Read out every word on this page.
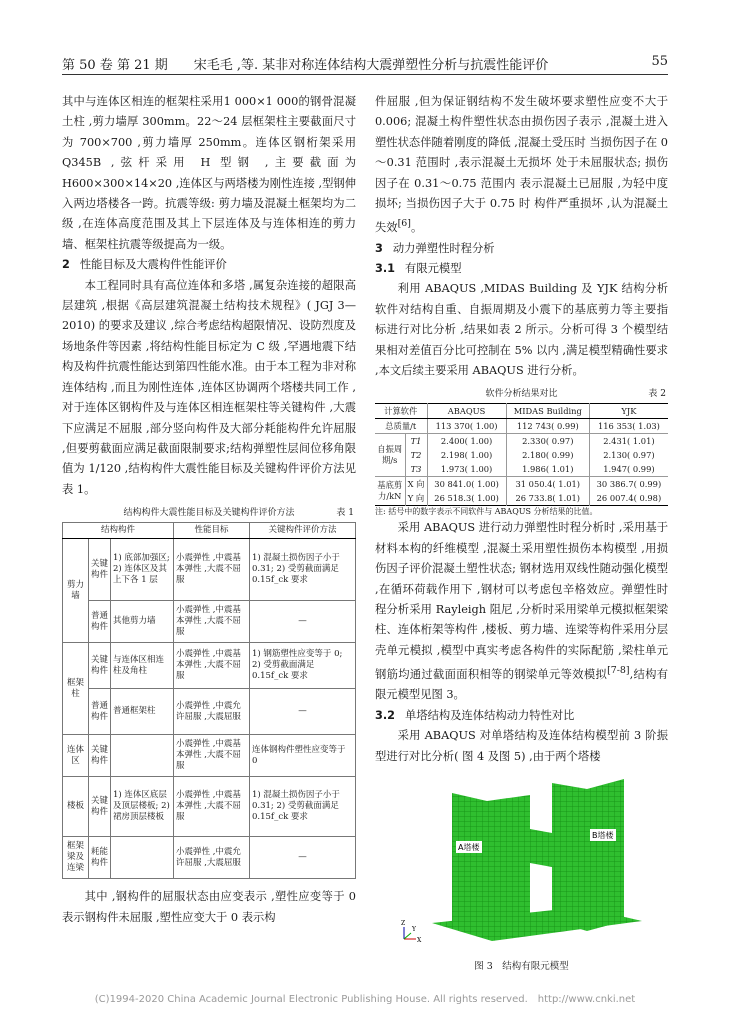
第 50 卷 第 21 期　　宋毛毛 ,等. 某非对称连体结构大震弹塑性分析与抗震性能评价	55

其中与连体区相连的框架柱采用1 000×1 000的钢骨混凝土柱 ,剪力墙厚 300mm。22～24 层框架柱主要截面尺寸为 700×700 ,剪力墙厚 250mm。连体区钢桁架采用 Q345B ,弦杆采用 H 型钢 ,主要截面为 H600×300×14×20 ,连体区与两塔楼为刚性连接 ,型钢伸入两边塔楼各一跨。抗震等级: 剪力墙及混凝土框架均为二级 ,在连体高度范围及其上下层连体及与连体相连的剪力墙、框架柱抗震等级提高为一级。

2 性能目标及大震构件性能评价

本工程同时具有高位连体和多塔 ,属复杂连接的超限高层建筑 ,根据《高层建筑混凝土结构技术规程》( JGJ 3—2010) 的要求及建议 ,综合考虑结构超限情况、设防烈度及场地条件等因素 ,将结构性能目标定为 C 级 ,罕遇地震下结构及构件抗震性能达到第四性能水准。由于本工程为非对称连体结构 ,而且为刚性连体 ,连体区协调两个塔楼共同工作 ,对于连体区钢构件及与连体区相连框架柱等关键构件 ,大震下应满足不屈服 ,部分竖向构件及大部分耗能构件允许屈服 ,但要剪截面应满足截面限制要求;结构弹塑性层间位移角限值为 1/120 ,结构构件大震性能目标及关键构件评价方法见表 1。

结构构件大震性能目标及关键构件评价方法	表 1
结构构件			性能目标	关键构件评价方法
剪力墙	关键构件	1) 底部加强区; 2) 连体区及其上下各 1 层	小震弹性 ,中震基本弹性 ,大震不屈服	1) 混凝土损伤因子小于 0.31; 2) 受剪截面满足 0.15f_ck 要求
	普通构件	其他剪力墙	小震弹性 ,中震基本弹性 ,大震不屈服	—
框架柱	关键构件	与连体区相连柱及角柱	小震弹性 ,中震基本弹性 ,大震不屈服	1) 钢筋塑性应变等于 0; 2) 受剪截面满足 0.15f_ck 要求
	普通构件	普通框架柱	小震弹性 ,中震允许屈服 ,大震屈服	—
连体区	关键构件		小震弹性 ,中震基本弹性 ,大震不屈服	连体钢构件塑性应变等于 0
楼板	关键构件	1) 连体区底层及顶层楼板; 2) 裙房顶层楼板	小震弹性 ,中震基本弹性 ,大震不屈服	1) 混凝土损伤因子小于 0.31; 2) 受剪截面满足 0.15f_ck 要求
框架梁及连梁	耗能构件		小震弹性 ,中震允许屈服 ,大震屈服	—

其中 ,钢构件的屈服状态由应变表示 ,塑性应变等于 0 表示钢构件未屈服 ,塑性应变大于 0 表示构

件屈服 ,但为保证钢结构不发生破坏要求塑性应变不大于 0.006; 混凝土构件塑性状态由损伤因子表示 ,混凝土进入塑性状态伴随着刚度的降低 ,混凝土受压时 当损伤因子在 0～0.31 范围时 ,表示混凝土无损坏 处于未屈服状态; 损伤因子在 0.31～0.75 范围内 表示混凝土已屈服 ,为轻中度损坏; 当损伤因子大于 0.75 时 构件严重损坏 ,认为混凝土失效[6]。

3 动力弹塑性时程分析

3.1 有限元模型

利用 ABAQUS ,MIDAS Building 及 YJK 结构分析软件对结构自重、自振周期及小震下的基底剪力等主要指标进行对比分析 ,结果如表 2 所示。分析可得 3 个模型结果相对差值百分比可控制在 5% 以内 ,满足模型精确性要求 ,本文后续主要采用 ABAQUS 进行分析。

软件分析结果对比	表 2
计算软件		ABAQUS	MIDAS Building	YJK
总质量/t		113 370( 1.00)	112 743( 0.99)	116 353( 1.03)
自振周期/s	T1	2.400( 1.00)	2.330( 0.97)	2.431( 1.01)
	T2	2.198( 1.00)	2.180( 0.99)	2.130( 0.97)
	T3	1.973( 1.00)	1.986( 1.01)	1.947( 0.99)
基底剪力/kN	X 向	30 841.0( 1.00)	31 050.4( 1.01)	30 386.7( 0.99)
	Y 向	26 518.3( 1.00)	26 733.8( 1.01)	26 007.4( 0.98)

注: 括号中的数字表示不同软件与 ABAQUS 分析结果的比值。

采用 ABAQUS 进行动力弹塑性时程分析时 ,采用基于材料本构的纤维模型 ,混凝土采用塑性损伤本构模型 ,用损伤因子评价混凝土塑性状态; 钢材选用双线性随动强化模型 ,在循环荷载作用下 ,钢材可以考虑包辛格效应。弹塑性时程分析采用 Rayleigh 阻尼 ,分析时采用梁单元模拟框架梁柱、连体桁架等构件 ,楼板、剪力墙、连梁等构件采用分层壳单元模拟 ,模型中真实考虑各构件的实际配筋 ,梁柱单元钢筋均通过截面面积相等的钢梁单元等效模拟[7-8],结构有限元模型见图 3。

3.2 单塔结构及连体结构动力特性对比

采用 ABAQUS 对单塔结构及连体结构模型前 3 阶振型进行对比分析( 图 4 及图 5) ,由于两个塔楼

A塔楼
B塔楼
X
Y
Z
图 3　结构有限元模型
(C)1994-2020 China Academic Journal Electronic Publishing House. All rights reserved.　http://www.cnki.net
